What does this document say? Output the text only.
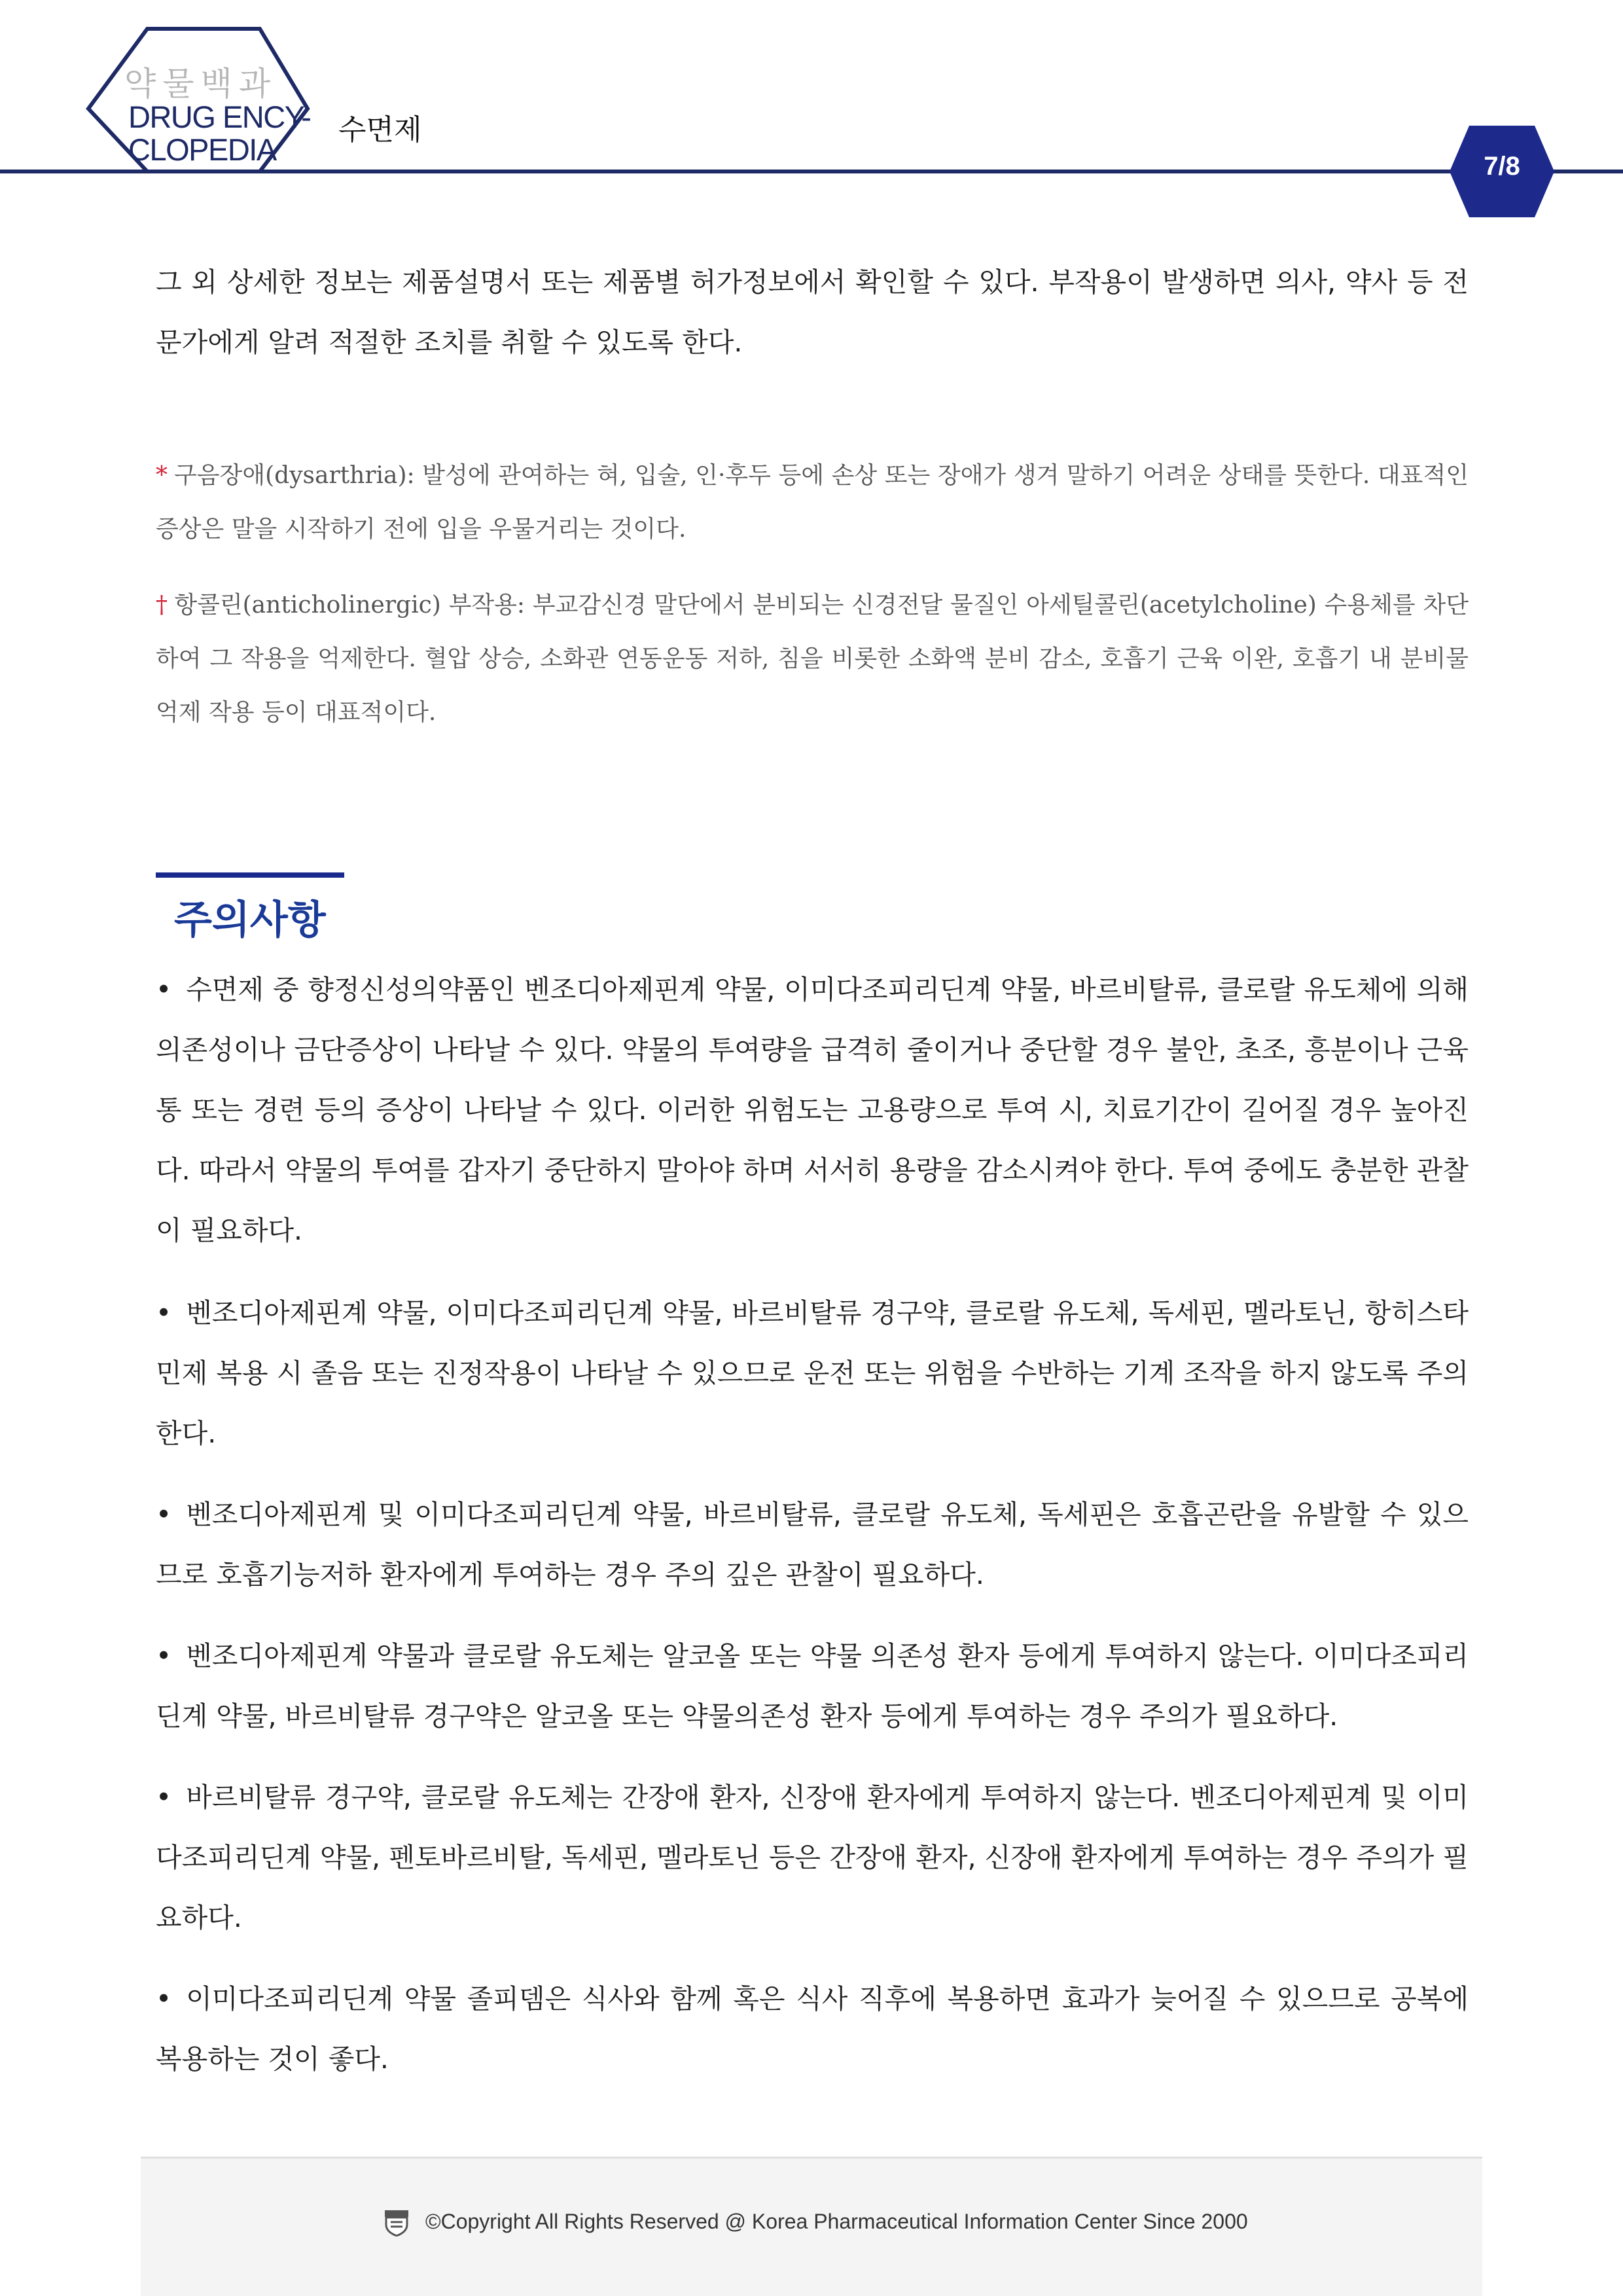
약물백과
DRUG ENCY-
CLOPEDIA
수면제
7/8
그 외 상세한 정보는 제품설명서 또는 제품별 허가정보에서 확인할 수 있다. 부작용이 발생하면 의사, 약사 등 전문가에게 알려 적절한 조치를 취할 수 있도록 한다.
* 구음장애(dysarthria): 발성에 관여하는 혀, 입술, 인·후두 등에 손상 또는 장애가 생겨 말하기 어려운 상태를 뜻한다. 대표적인 증상은 말을 시작하기 전에 입을 우물거리는 것이다.
† 항콜린(anticholinergic) 부작용: 부교감신경 말단에서 분비되는 신경전달 물질인 아세틸콜린(acetylcholine) 수용체를 차단하여 그 작용을 억제한다. 혈압 상승, 소화관 연동운동 저하, 침을 비롯한 소화액 분비 감소, 호흡기 근육 이완, 호흡기 내 분비물 억제 작용 등이 대표적이다.
주의사항
• 수면제 중 향정신성의약품인 벤조디아제핀계 약물, 이미다조피리딘계 약물, 바르비탈류, 클로랄 유도체에 의해 의존성이나 금단증상이 나타날 수 있다. 약물의 투여량을 급격히 줄이거나 중단할 경우 불안, 초조, 흥분이나 근육통 또는 경련 등의 증상이 나타날 수 있다. 이러한 위험도는 고용량으로 투여 시, 치료기간이 길어질 경우 높아진다. 따라서 약물의 투여를 갑자기 중단하지 말아야 하며 서서히 용량을 감소시켜야 한다. 투여 중에도 충분한 관찰이 필요하다.
• 벤조디아제핀계 약물, 이미다조피리딘계 약물, 바르비탈류 경구약, 클로랄 유도체, 독세핀, 멜라토닌, 항히스타민제 복용 시 졸음 또는 진정작용이 나타날 수 있으므로 운전 또는 위험을 수반하는 기계 조작을 하지 않도록 주의한다.
• 벤조디아제핀계 및 이미다조피리딘계 약물, 바르비탈류, 클로랄 유도체, 독세핀은 호흡곤란을 유발할 수 있으므로 호흡기능저하 환자에게 투여하는 경우 주의 깊은 관찰이 필요하다.
• 벤조디아제핀계 약물과 클로랄 유도체는 알코올 또는 약물 의존성 환자 등에게 투여하지 않는다. 이미다조피리딘계 약물, 바르비탈류 경구약은 알코올 또는 약물의존성 환자 등에게 투여하는 경우 주의가 필요하다.
• 바르비탈류 경구약, 클로랄 유도체는 간장애 환자, 신장애 환자에게 투여하지 않는다. 벤조디아제핀계 및 이미다조피리딘계 약물, 펜토바르비탈, 독세핀, 멜라토닌 등은 간장애 환자, 신장애 환자에게 투여하는 경우 주의가 필요하다.
• 이미다조피리딘계 약물 졸피뎀은 식사와 함께 혹은 식사 직후에 복용하면 효과가 늦어질 수 있으므로 공복에 복용하는 것이 좋다.
©Copyright All Rights Reserved @ Korea Pharmaceutical Information Center Since 2000
